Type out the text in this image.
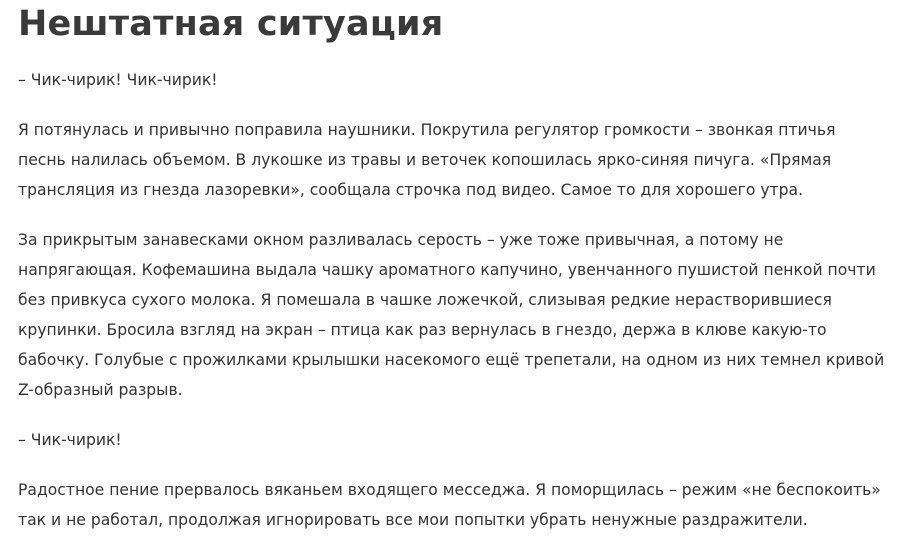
Нештатная ситуация

– Чик-чирик! Чик-чирик!

Я потянулась и привычно поправила наушники. Покрутила регулятор громкости – звонкая птичья песнь налилась объемом. В лукошке из травы и веточек копошилась ярко-синяя пичуга. «Прямая трансляция из гнезда лазоревки», сообщала строчка под видео. Самое то для хорошего утра.

За прикрытым занавесками окном разливалась серость – уже тоже привычная, а потому не напрягающая. Кофемашина выдала чашку ароматного капучино, увенчанного пушистой пенкой почти без привкуса сухого молока. Я помешала в чашке ложечкой, слизывая редкие нерастворившиеся крупинки. Бросила взгляд на экран – птица как раз вернулась в гнездо, держа в клюве какую-то бабочку. Голубые с прожилками крылышки насекомого ещё трепетали, на одном из них темнел кривой Z-образный разрыв.

– Чик-чирик!

Радостное пение прервалось вяканьем входящего месседжа. Я поморщилась – режим «не беспокоить» так и не работал, продолжая игнорировать все мои попытки убрать ненужные раздражители.
